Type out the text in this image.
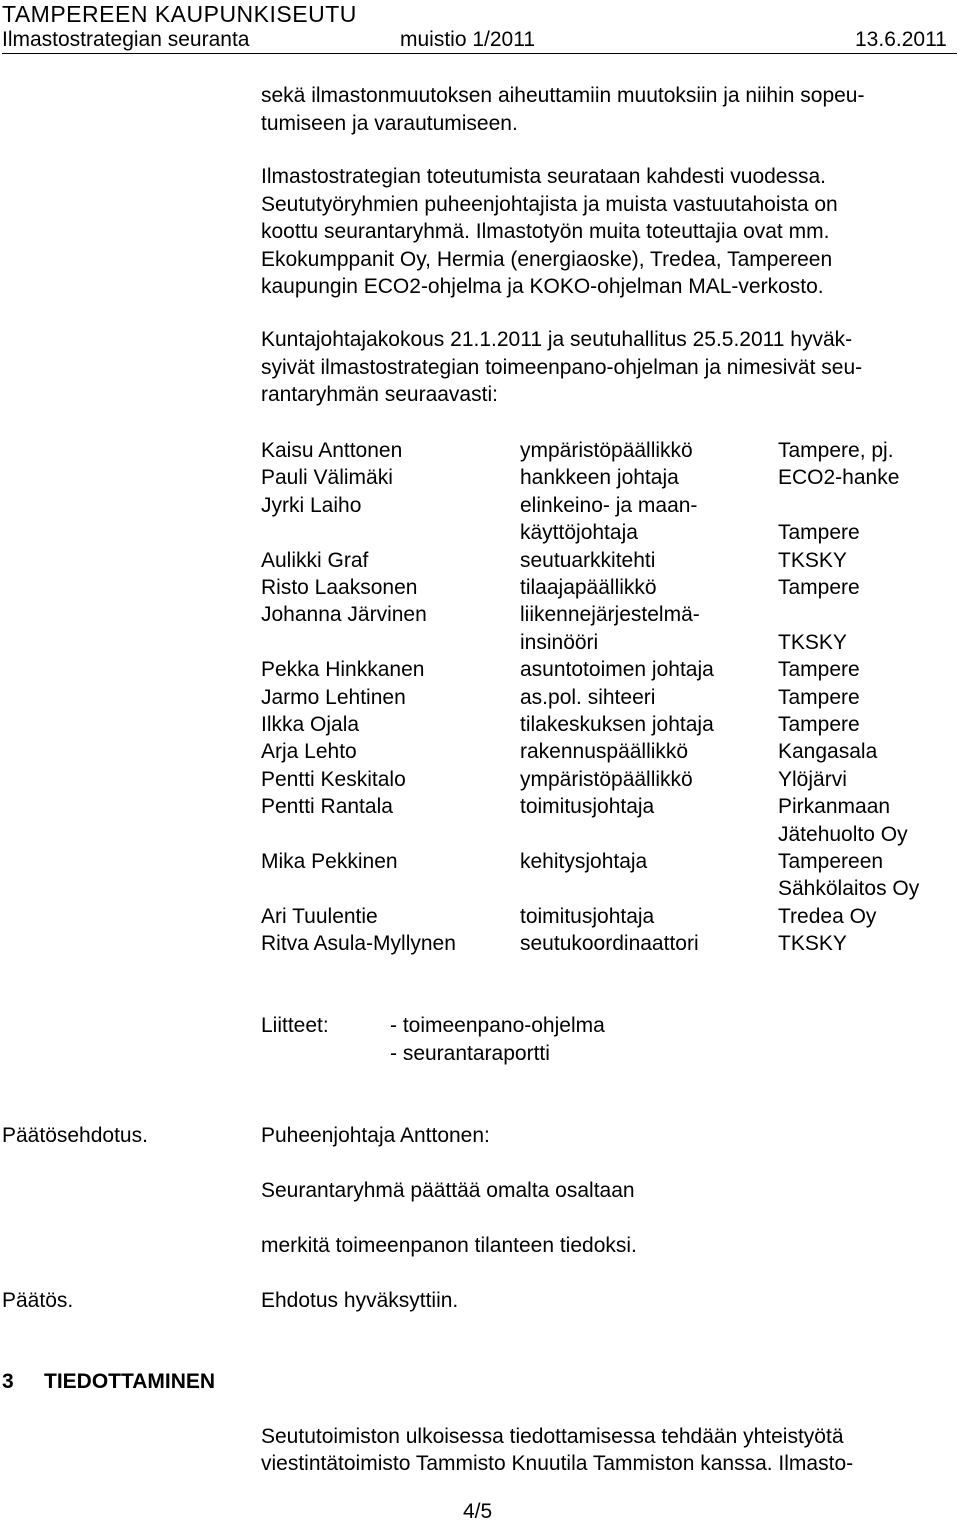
TAMPEREEN KAUPUNKISEUTU
Ilmastostrategian seuranta	muistio 1/2011	13.6.2011
sekä ilmastonmuutoksen aiheuttamiin muutoksiin ja niihin sopeu-
tumiseen ja varautumiseen.
Ilmastostrategian toteutumista seurataan kahdesti vuodessa.
Seututyöryhmien puheenjohtajista ja muista vastuutahoista on
koottu seurantaryhmä. Ilmastotyön muita toteuttajia ovat mm.
Ekokumppanit Oy, Hermia (energiaoske), Tredea, Tampereen
kaupungin ECO2-ohjelma ja KOKO-ohjelman MAL-verkosto.
Kuntajohtajakokous 21.1.2011 ja seutuhallitus 25.5.2011 hyväk-
syivät ilmastostrategian toimeenpano-ohjelman ja nimesivät seu-
rantaryhmän seuraavasti:
Kaisu Anttonen	ympäristöpäällikkö	Tampere, pj.
Pauli Välimäki	hankkeen johtaja	ECO2-hanke
Jyrki Laiho	elinkeino- ja maan-
käyttöjohtaja	Tampere
Aulikki Graf	seutuarkkitehti	TKSKY
Risto Laaksonen	tilaajapäällikkö	Tampere
Johanna Järvinen	liikennejärjestelmä-
insinööri	TKSKY
Pekka Hinkkanen	asuntotoimen johtaja	Tampere
Jarmo Lehtinen	as.pol. sihteeri	Tampere
Ilkka Ojala	tilakeskuksen johtaja	Tampere
Arja Lehto	rakennuspäällikkö	Kangasala
Pentti Keskitalo	ympäristöpäällikkö	Ylöjärvi
Pentti Rantala	toimitusjohtaja	Pirkanmaan
Jätehuolto Oy
Mika Pekkinen	kehitysjohtaja	Tampereen
Sähkölaitos Oy
Ari Tuulentie	toimitusjohtaja	Tredea Oy
Ritva Asula-Myllynen	seutukoordinaattori	TKSKY
Liitteet:	- toimeenpano-ohjelma
- seurantaraportti
Päätösehdotus.	Puheenjohtaja Anttonen:
Seurantaryhmä päättää omalta osaltaan
merkitä toimeenpanon tilanteen tiedoksi.
Päätös.	Ehdotus hyväksyttiin.
3 TIEDOTTAMINEN
Seututoimiston ulkoisessa tiedottamisessa tehdään yhteistyötä
viestintätoimisto Tammisto Knuutila Tammiston kanssa. Ilmasto-
4/5
